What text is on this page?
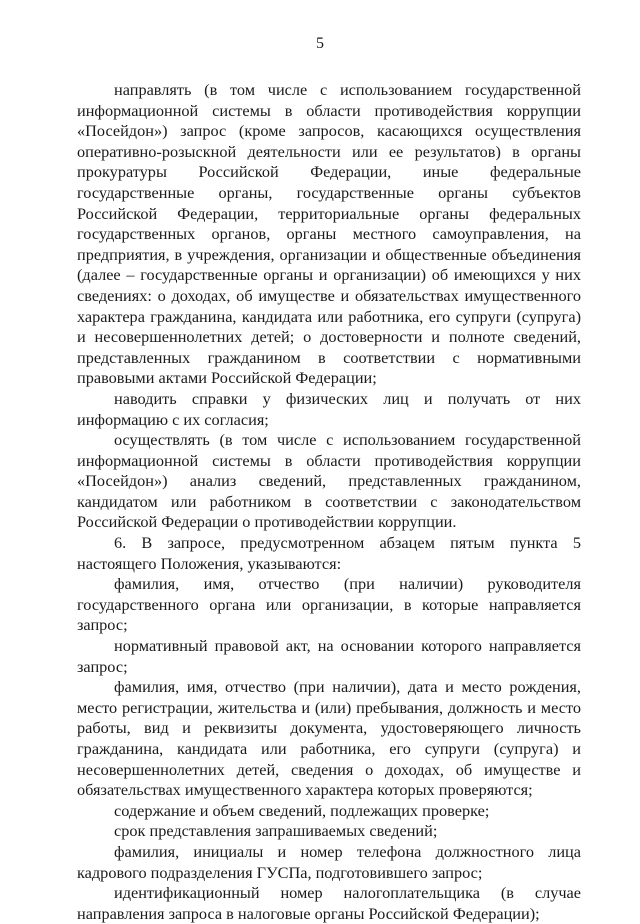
5

направлять (в том числе с использованием государственной информационной системы в области противодействия коррупции «Посейдон») запрос (кроме запросов, касающихся осуществления оперативно-розыскной деятельности или ее результатов) в органы прокуратуры Российской Федерации, иные федеральные государственные органы, государственные органы субъектов Российской Федерации, территориальные органы федеральных государственных органов, органы местного самоуправления, на предприятия, в учреждения, организации и общественные объединения (далее – государственные органы и организации) об имеющихся у них сведениях: о доходах, об имуществе и обязательствах имущественного характера гражданина, кандидата или работника, его супруги (супруга) и несовершеннолетних детей; о достоверности и полноте сведений, представленных гражданином в соответствии с нормативными правовыми актами Российской Федерации;

наводить справки у физических лиц и получать от них информацию с их согласия;

осуществлять (в том числе с использованием государственной информационной системы в области противодействия коррупции «Посейдон») анализ сведений, представленных гражданином, кандидатом или работником в соответствии с законодательством Российской Федерации о противодействии коррупции.

6. В запросе, предусмотренном абзацем пятым пункта 5 настоящего Положения, указываются:

фамилия, имя, отчество (при наличии) руководителя государственного органа или организации, в которые направляется запрос;

нормативный правовой акт, на основании которого направляется запрос;

фамилия, имя, отчество (при наличии), дата и место рождения, место регистрации, жительства и (или) пребывания, должность и место работы, вид и реквизиты документа, удостоверяющего личность гражданина, кандидата или работника, его супруги (супруга) и несовершеннолетних детей, сведения о доходах, об имуществе и обязательствах имущественного характера которых проверяются;

содержание и объем сведений, подлежащих проверке;

срок представления запрашиваемых сведений;

фамилия, инициалы и номер телефона должностного лица кадрового подразделения ГУСПа, подготовившего запрос;

идентификационный номер налогоплательщика (в случае направления запроса в налоговые органы Российской Федерации);
